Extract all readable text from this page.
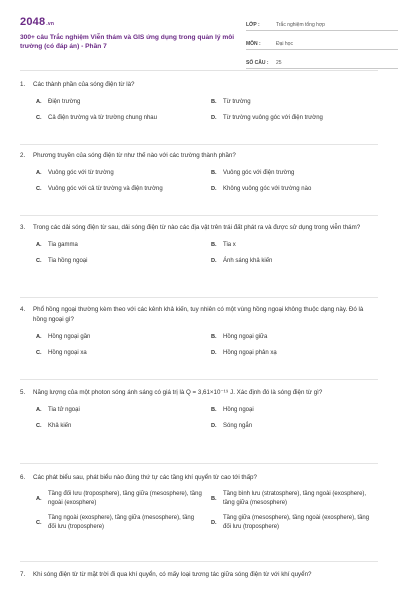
2048.vn
300+ câu Trắc nghiệm Viễn thám và GIS ứng dụng trong quản lý môi trường (có đáp án) - Phần 7
LỚP :	Trắc nghiệm tổng hợp
MÔN :	Đại học
SỐ CÂU :	25
1.	Các thành phần của sóng điện từ là?
A.	Điện trường	B.	Từ trường
C.	Cả điện trường và từ trường chung nhau	D.	Từ trường vuông góc với điện trường
2.	Phương truyền của sóng điện từ như thế nào với các trường thành phần?
A.	Vuông góc với từ trường	B.	Vuông góc với điện trường
C.	Vuông góc với cả từ trường và điện trường	D.	Không vuông góc với trường nào
3.	Trong các dải sóng điện từ sau, dải sóng điện từ nào các địa vật trên trái đất phát ra và được sử dụng trong viễn thám?
A.	Tia gamma	B.	Tia x
C.	Tia hồng ngoại	D.	Ánh sáng khả kiến
4.	Phổ hồng ngoại thường kèm theo với các kênh khả kiến, tuy nhiên có một vùng hồng ngoại không thuộc dạng này. Đó là hồng ngoại gì?
A.	Hồng ngoại gần	B.	Hồng ngoại giữa
C.	Hồng ngoại xa	D.	Hồng ngoại phản xạ
5.	Năng lượng của một photon sóng ánh sáng có giá trị là Q = 3,61×10⁻¹⁹ J. Xác định đó là sóng điện từ gì?
A.	Tia tử ngoại	B.	Hồng ngoại
C.	Khả kiến	D.	Sóng ngắn
6.	Các phát biểu sau, phát biểu nào đúng thứ tự các tầng khí quyển từ cao tới thấp?
A.
Tầng đối lưu (troposphere), tầng giữa (mesosphere), tầng ngoài (exosphere)
B.
Tầng bình lưu (stratosphere), tầng ngoài (exosphere), tầng giữa (mesosphere)
C.
Tầng ngoài (exosphere), tầng giữa (mesosphere), tầng đối lưu (troposphere)
D.
Tầng giữa (mesosphere), tầng ngoài (exosphere), tầng đối lưu (troposphere)
7.	Khi sóng điện từ từ mặt trời đi qua khí quyển, có mấy loại tương tác giữa sóng điện từ với khí quyển?
